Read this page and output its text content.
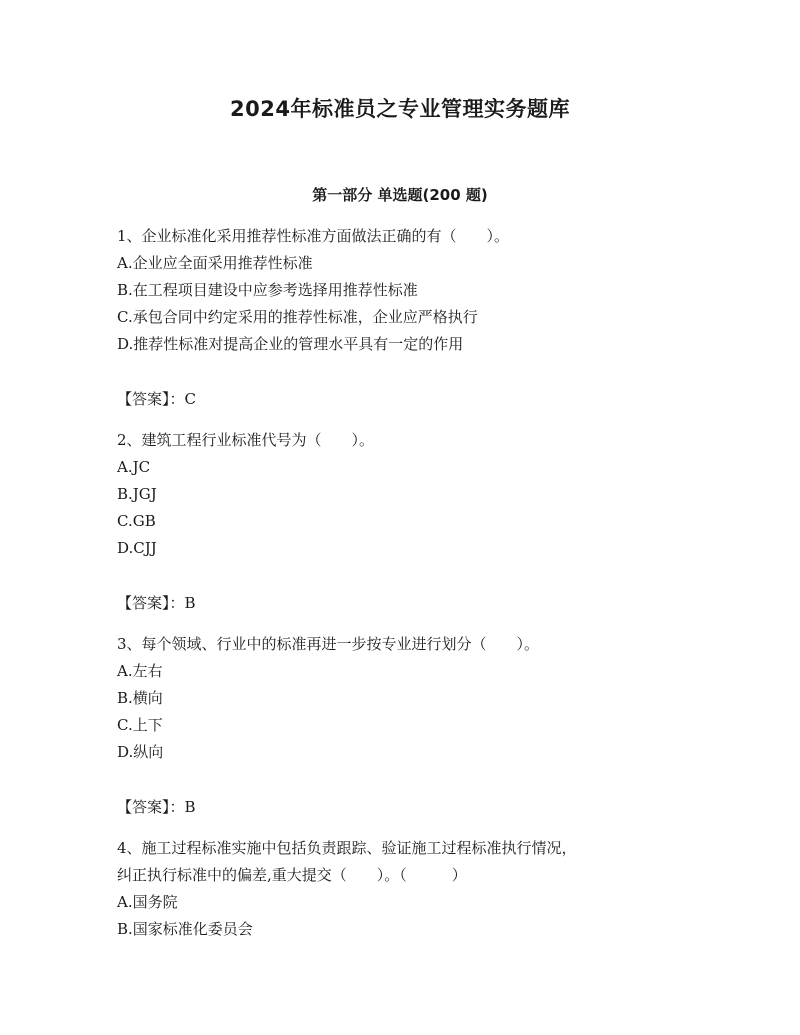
2024年标准员之专业管理实务题库
第一部分 单选题(200 题)
1、企业标准化采用推荐性标准方面做法正确的有（　　）。
A.企业应全面采用推荐性标准
B.在工程项目建设中应参考选择用推荐性标准
C.承包合同中约定采用的推荐性标准，企业应严格执行
D.推荐性标准对提高企业的管理水平具有一定的作用
【答案】：C
2、建筑工程行业标准代号为（　　）。
A.JC
B.JGJ
C.GB
D.CJJ
【答案】：B
3、每个领域、行业中的标准再进一步按专业进行划分（　　）。
A.左右
B.横向
C.上下
D.纵向
【答案】：B
4、施工过程标准实施中包括负责跟踪、验证施工过程标准执行情况，
纠正执行标准中的偏差,重大提交（　　）。（　　　）
A.国务院
B.国家标准化委员会
